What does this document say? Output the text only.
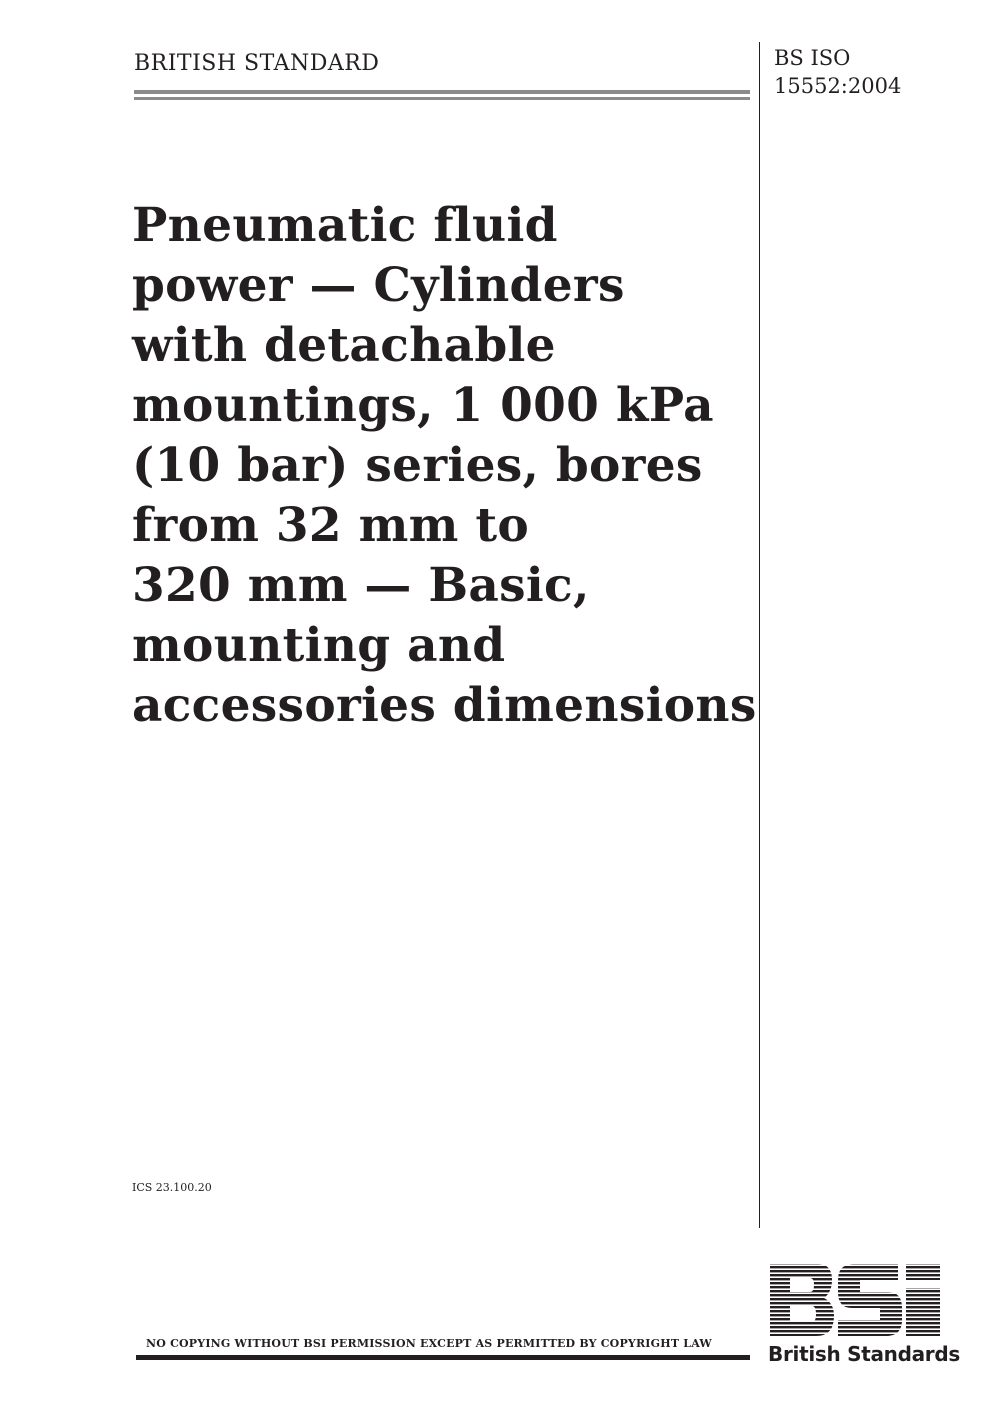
BRITISH STANDARD	BS ISO
15552:2004
Pneumatic fluid
power — Cylinders
with detachable
mountings, 1 000 kPa
(10 bar) series, bores
from 32 mm to
320 mm — Basic,
mounting and
accessories dimensions
ICS 23.100.20
NO COPYING WITHOUT BSI PERMISSION EXCEPT AS PERMITTED BY COPYRIGHT LAW	British Standards
